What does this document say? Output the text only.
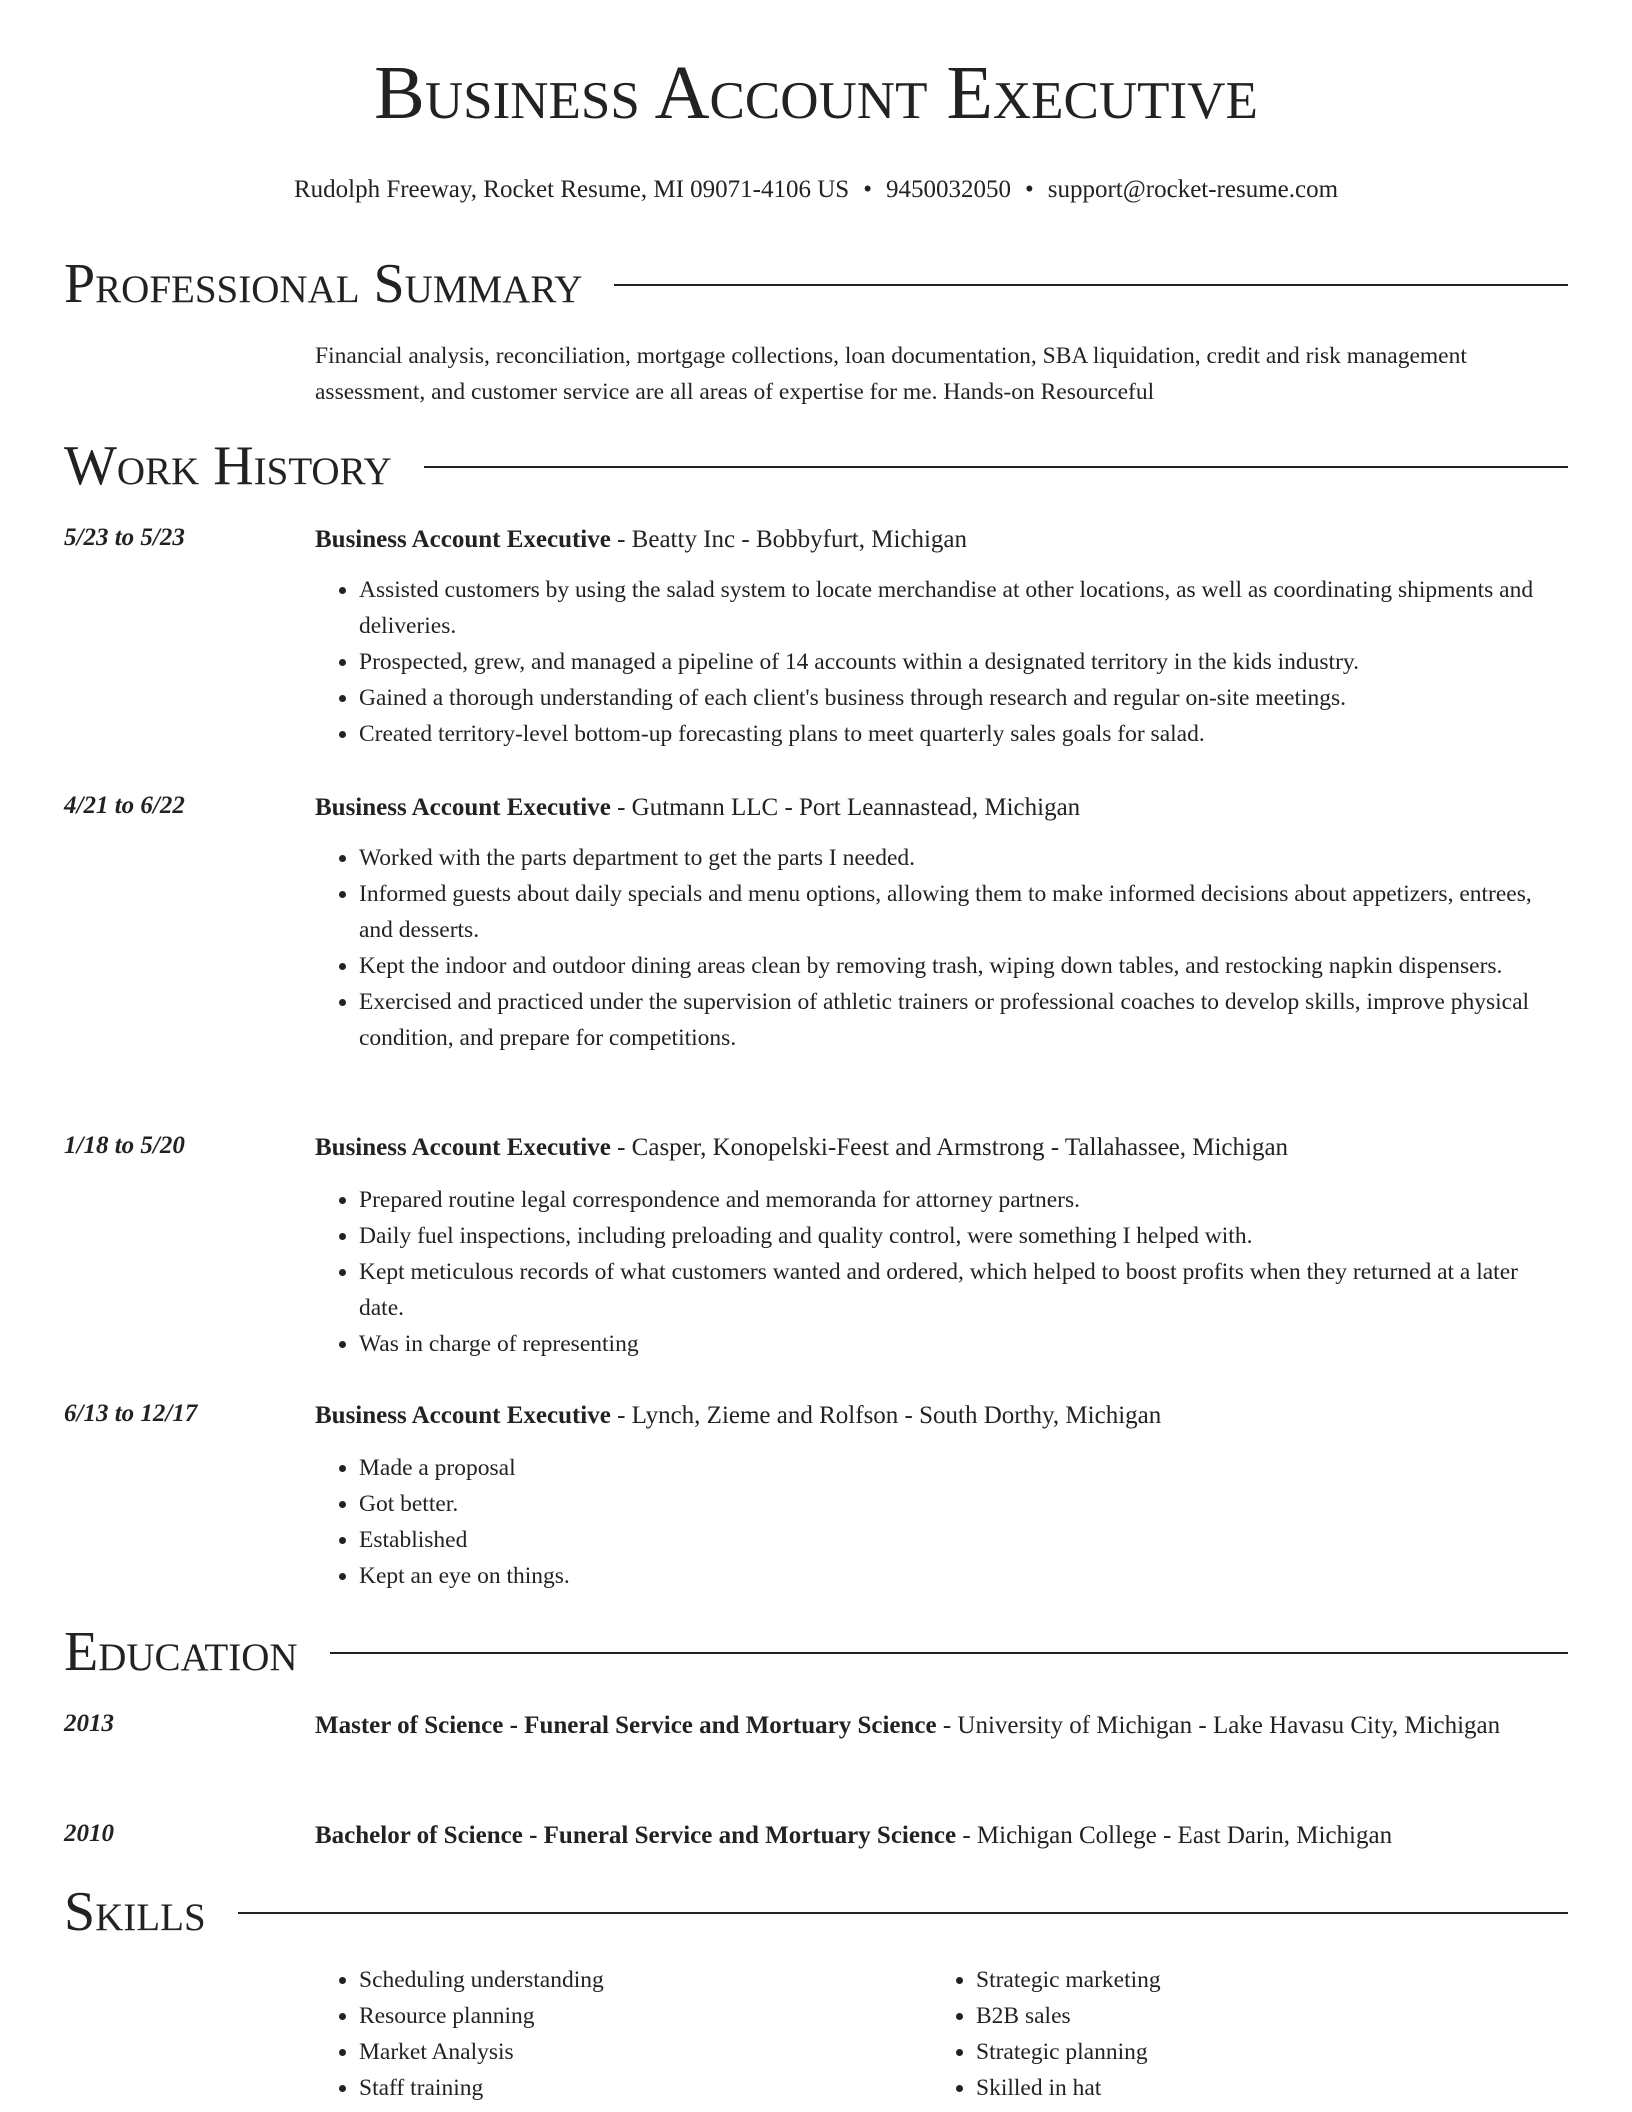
Business Account Executive
Rudolph Freeway, Rocket Resume, MI 09071-4106 US • 9450032050 • support@rocket-resume.com
Professional Summary
Financial analysis, reconciliation, mortgage collections, loan documentation, SBA liquidation, credit and risk management assessment, and customer service are all areas of expertise for me. Hands-on Resourceful
Work History
5/23 to 5/23	Business Account Executive - Beatty Inc - Bobbyfurt, Michigan
• Assisted customers by using the salad system to locate merchandise at other locations, as well as coordinating shipments and deliveries.
• Prospected, grew, and managed a pipeline of 14 accounts within a designated territory in the kids industry.
• Gained a thorough understanding of each client's business through research and regular on-site meetings.
• Created territory-level bottom-up forecasting plans to meet quarterly sales goals for salad.
4/21 to 6/22	Business Account Executive - Gutmann LLC - Port Leannastead, Michigan
• Worked with the parts department to get the parts I needed.
• Informed guests about daily specials and menu options, allowing them to make informed decisions about appetizers, entrees, and desserts.
• Kept the indoor and outdoor dining areas clean by removing trash, wiping down tables, and restocking napkin dispensers.
• Exercised and practiced under the supervision of athletic trainers or professional coaches to develop skills, improve physical condition, and prepare for competitions.
1/18 to 5/20	Business Account Executive - Casper, Konopelski-Feest and Armstrong - Tallahassee, Michigan
• Prepared routine legal correspondence and memoranda for attorney partners.
• Daily fuel inspections, including preloading and quality control, were something I helped with.
• Kept meticulous records of what customers wanted and ordered, which helped to boost profits when they returned at a later date.
• Was in charge of representing
6/13 to 12/17	Business Account Executive - Lynch, Zieme and Rolfson - South Dorthy, Michigan
• Made a proposal
• Got better.
• Established
• Kept an eye on things.
Education
2013	Master of Science - Funeral Service and Mortuary Science - University of Michigan - Lake Havasu City, Michigan
2010	Bachelor of Science - Funeral Service and Mortuary Science - Michigan College - East Darin, Michigan
Skills
• Scheduling understanding
• Resource planning
• Market Analysis
• Staff training
• Strategic marketing
• B2B sales
• Strategic planning
• Skilled in hat
